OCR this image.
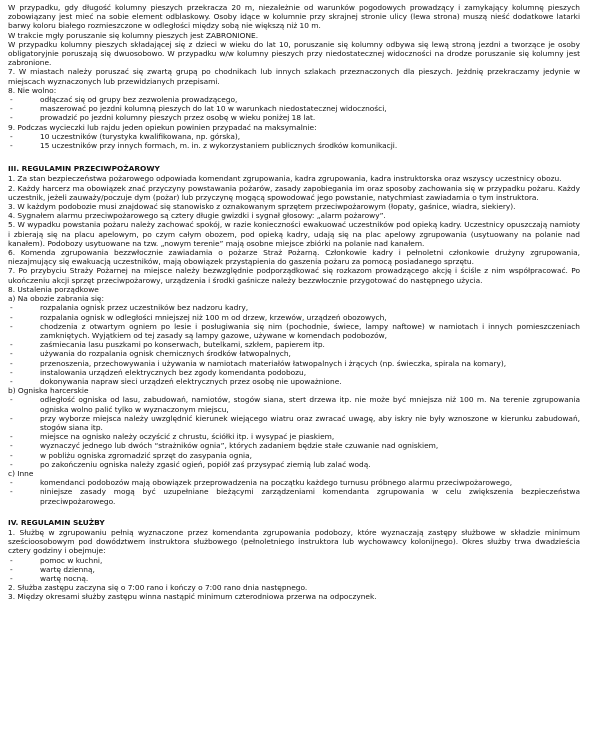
W przypadku, gdy długość kolumny pieszych przekracza 20 m, niezależnie od warunków pogodowych prowadzący i zamykający kolumnę pieszych zobowiązany jest mieć na sobie element odblaskowy. Osoby idące w kolumnie przy skrajnej stronie ulicy (lewa strona) muszą nieść dodatkowe latarki barwy koloru białego rozmieszczone w odległości między sobą nie większą niż 10 m.

W trakcie mgły poruszanie się kolumny pieszych jest ZABRONIONE.

W przypadku kolumny pieszych składającej się z dzieci w wieku do lat 10, poruszanie się kolumny odbywa się lewą stroną jezdni a tworzące je osoby obligatoryjnie poruszają się dwuosobowo. W przypadku w/w kolumny pieszych przy niedostatecznej widoczności na drodze poruszanie się kolumny jest zabronione.

7. W miastach należy poruszać się zwartą grupą po chodnikach lub innych szlakach przeznaczonych dla pieszych. Jeżdnię przekraczamy jedynie w miejscach wyznaczonych lub przewidzianych przepisami.

8. Nie wolno:

-	odłączać się od grupy bez zezwolenia prowadzącego,
-	maszerować po jezdni kolumną pieszych do lat 10 w warunkach niedostatecznej widoczności,
-	prowadzić po jezdni kolumny pieszych przez osobę w wieku poniżej 18 lat.

9. Podczas wycieczki lub rajdu jeden opiekun powinien przypadać na maksymalnie:

-	10 uczestników (turystyka kwalifikowana, np. górska),
-	15 uczestników przy innych formach, m. in. z wykorzystaniem publicznych środków komunikacji.

III. REGULAMIN PRZECIWPOŻAROWY

1. Za stan bezpieczeństwa pożarowego odpowiada komendant zgrupowania, kadra zgrupowania, kadra instruktorska oraz wszyscy uczestnicy obozu.

2. Każdy harcerz ma obowiązek znać przyczyny powstawania pożarów, zasady zapobiegania im oraz sposoby zachowania się w przypadku pożaru. Każdy uczestnik, jeżeli zauważy/poczuje dym (pożar) lub przyczynę mogącą spowodować jego powstanie, natychmiast zawiadamia o tym instruktora.

3. W każdym podobozie musi znajdować się stanowisko z oznakowanym sprzętem przeciwpożarowym (łopaty, gaśnice, wiadra, siekiery).

4. Sygnałem alarmu przeciwpożarowego są cztery długie gwizdki i sygnał głosowy: „alarm pożarowy”.

5. W wypadku powstania pożaru należy zachować spokój, w razie konieczności ewakuować uczestników pod opieką kadry. Uczestnicy opuszczają namioty i zbierają się na placu apelowym, po czym całym obozem, pod opieką kadry, udają się na plac apelowy zgrupowania (usytuowany na polanie nad kanałem). Podobozy usytuowane na tzw. „nowym terenie” mają osobne miejsce zbiórki na polanie nad kanałem.

6. Komenda zgrupowania bezzwłocznie zawiadamia o pożarze Straż Pożarną. Członkowie kadry i pełnoletni członkowie drużyny zgrupowania, niezajmujący się ewakuacją uczestników, mają obowiązek przystąpienia do gaszenia pożaru za pomocą posiadanego sprzętu.

7. Po przybyciu Straży Pożarnej na miejsce należy bezwzględnie podporządkować się rozkazom prowadzącego akcję i ściśle z nim współpracować. Po ukończeniu akcji sprzęt przeciwpożarowy, urządzenia i środki gaśnicze należy bezzwłocznie przygotować do następnego użycia.

8. Ustalenia porządkowe

a) Na obozie zabrania się:

-	rozpalania ognisk przez uczestników bez nadzoru kadry,
-	rozpalania ognisk w odległości mniejszej niż 100 m od drzew, krzewów, urządzeń obozowych,
-	chodzenia z otwartym ogniem po lesie i posługiwania się nim (pochodnie, świece, lampy naftowe) w namiotach i innych pomieszczeniach zamkniętych. Wyjątkiem od tej zasady są lampy gazowe, używane w komendach podobozów,
-	zaśmiecania lasu puszkami po konserwach, butelkami, szkłem, papierem itp.
-	używania do rozpalania ognisk chemicznych środków łatwopalnych,
-	przenoszenia, przechowywania i używania w namiotach materiałów łatwopalnych i żrących (np. świeczka, spirala na komary),
-	instalowania urządzeń elektrycznych bez zgody komendanta podobozu,
-	dokonywania napraw sieci urządzeń elektrycznych przez osobę nie upoważnione.

b) Ogniska harcerskie

-	odległość ogniska od lasu, zabudowań, namiotów, stogów siana, stert drzewa itp. nie może być mniejsza niż 100 m. Na terenie zgrupowania ogniska wolno palić tylko w wyznaczonym miejscu,
-	przy wyborze miejsca należy uwzględnić kierunek wiejącego wiatru oraz zwracać uwagę, aby iskry nie były wznoszone w kierunku zabudowań, stogów siana itp.
-	miejsce na ognisko należy oczyścić z chrustu, ściółki itp. i wysypać je piaskiem,
-	wyznaczyć jednego lub dwóch “strażników ognia”, których zadaniem będzie stałe czuwanie nad ogniskiem,
-	w pobliżu ogniska zgromadzić sprzęt do zasypania ognia,
-	po zakończeniu ogniska należy zgasić ogień, popiół zaś przysypać ziemią lub zalać wodą.

c) Inne

-	komendanci podobozów mają obowiązek przeprowadzenia na początku każdego turnusu próbnego alarmu przeciwpożarowego,
-	niniejsze zasady mogą być uzupełniane bieżącymi zarządzeniami komendanta zgrupowania w celu zwiększenia bezpieczeństwa przeciwpożarowego.

IV. REGULAMIN SŁUŻBY

1. Służbę w zgrupowaniu pełnią wyznaczone przez komendanta zgrupowania podobozy, które wyznaczają zastępy służbowe w składzie minimum sześcioosobowym pod dowództwem instruktora służbowego (pełnoletniego instruktora lub wychowawcy kolonijnego). Okres służby trwa dwadzieścia cztery godziny i obejmuje:

-	pomoc w kuchni,
-	wartę dzienną,
-	wartę nocną.

2. Służba zastępu zaczyna się o 7:00 rano i kończy o 7:00 rano dnia następnego.

3. Między okresami służby zastępu winna nastąpić minimum czterodniowa przerwa na odpoczynek.
